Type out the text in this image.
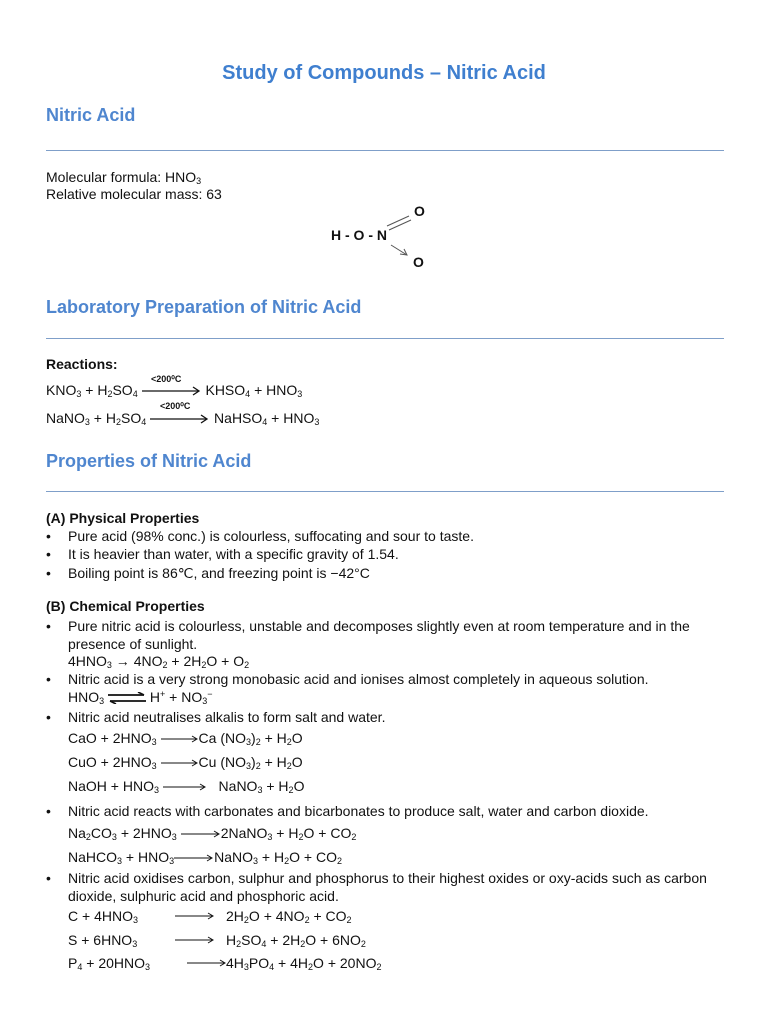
Study of Compounds – Nitric Acid
Nitric Acid
Molecular formula: $HNO_3$
Relative molecular mass: 63
H - O - N
O
O
Laboratory Preparation of Nitric Acid
Reactions:
<200⁰C
$KNO_3 + H_2SO_4$	$KHSO_4 + HNO_3$
<200⁰C
NaNO$_3$ + $H_2SO_4$	NaHSO$_4$ + $HNO_3$
Properties of Nitric Acid
(A) Physical Properties
• Pure acid (98% conc.) is colourless, suffocating and sour to taste.
• It is heavier than water, with a specific gravity of 1.54.
• Boiling point is 86℃, and freezing point is −42°C
(B) Chemical Properties
• Pure nitric acid is colourless, unstable and decomposes slightly even at room temperature and in the presence of sunlight.
$4HNO_3 \to 4NO_2 + 2H_2O + O_2$
• Nitric acid is a very strong monobasic acid and ionises almost completely in aqueous solution.
$HNO_3$ ⇌ $H^+ + NO_3^-$
• Nitric acid neutralises alkalis to form salt and water.
CaO + $2HNO_3$	Ca $(NO_3)_2 + H_2O$
CuO + $2HNO_3$	Cu $(NO_3)_2 + H_2O$
NaOH + $HNO_3$	NaNO$_3$ + $H_2O$
• Nitric acid reacts with carbonates and bicarbonates to produce salt, water and carbon dioxide.
$Na_2CO_3 + 2HNO_3$	2NaNO$_3$ + $H_2O + CO_2$
NaHCO$_3$ + $HNO_3$	NaNO$_3$ + $H_2O + CO_2$
• Nitric acid oxidises carbon, sulphur and phosphorus to their highest oxides or oxy-acids such as carbon dioxide, sulphuric acid and phosphoric acid.
$C + 4HNO_3$	$2H_2O + 4NO_2 + CO_2$
$S + 6HNO_3$	$H_2SO_4 + 2H_2O + 6NO_2$
$P_4 + 20HNO_3$	$4H_3PO_4 + 4H_2O + 20NO_2$
